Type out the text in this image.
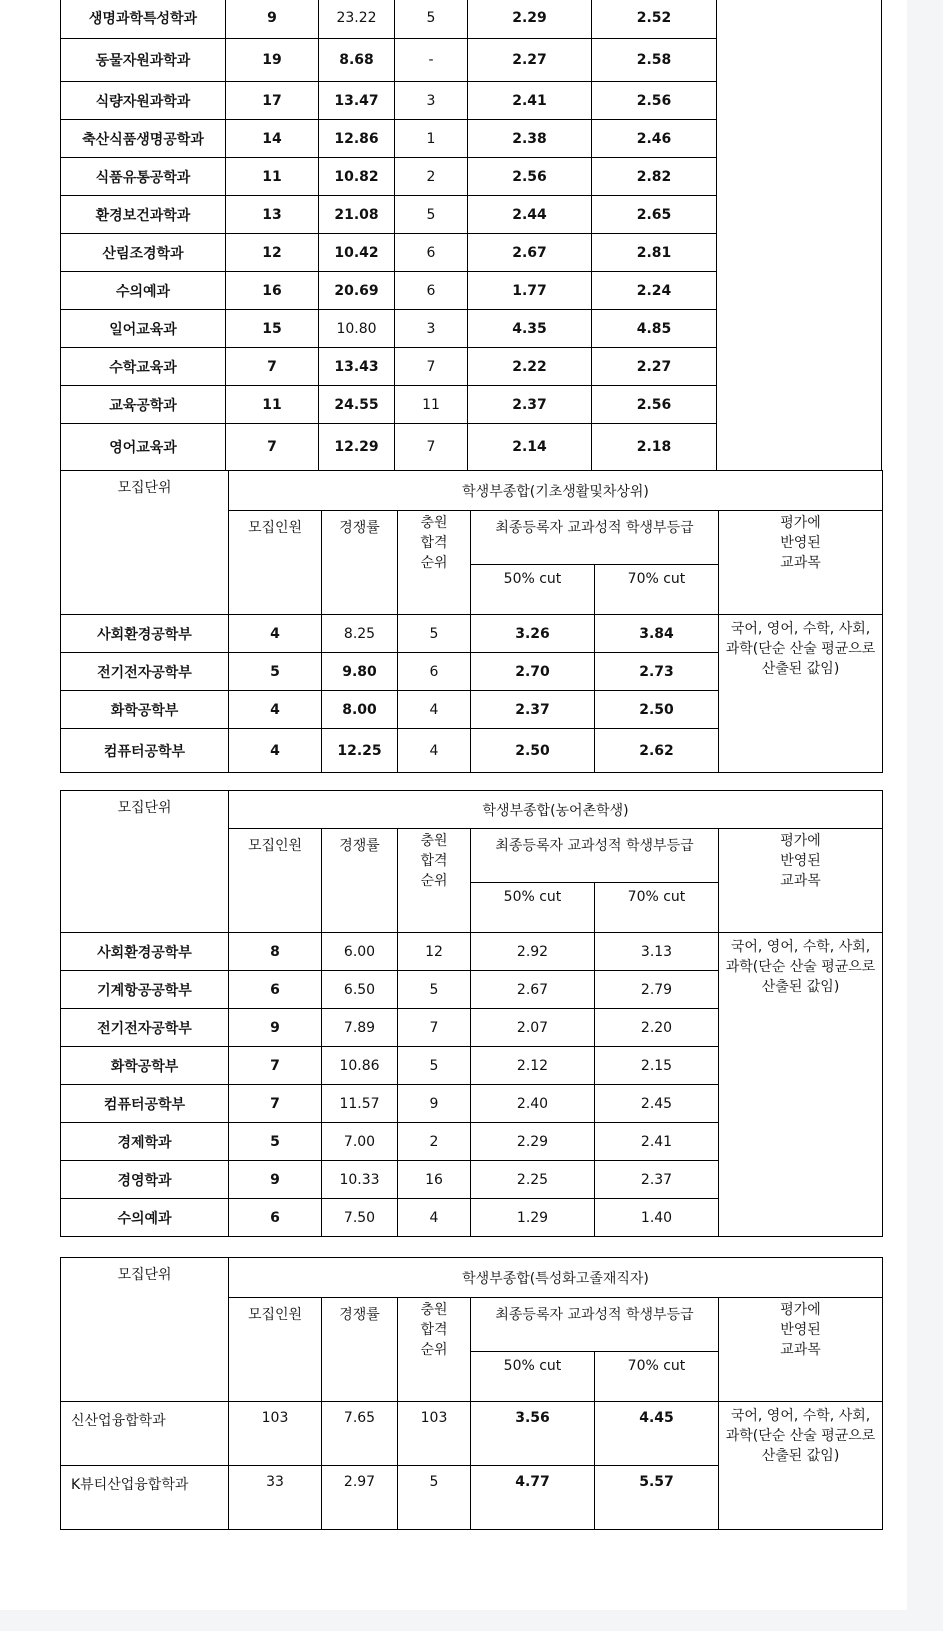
생명과학특성학과	9	23.22	5	2.29	2.52
동물자원과학과	19	8.68	-	2.27	2.58
식량자원과학과	17	13.47	3	2.41	2.56
축산식품생명공학과	14	12.86	1	2.38	2.46
식품유통공학과	11	10.82	2	2.56	2.82
환경보건과학과	13	21.08	5	2.44	2.65
산림조경학과	12	10.42	6	2.67	2.81
수의예과	16	20.69	6	1.77	2.24
일어교육과	15	10.80	3	4.35	4.85
수학교육과	7	13.43	7	2.22	2.27
교육공학과	11	24.55	11	2.37	2.56
영어교육과	7	12.29	7	2.14	2.18
모집단위	학생부종합(기초생활및차상위)					
	모집인원	경쟁률	충원
합격
순위	최종등록자 교과성적 학생부등급		평가에
반영된
교과목
				50% cut	70% cut	
사회환경공학부	4	8.25	5	3.26	3.84	국어, 영어, 수학, 사회, 과학(단순 산술 평균으로 산출된 값임)
전기전자공학부	5	9.80	6	2.70	2.73	
화학공학부	4	8.00	4	2.37	2.50	
컴퓨터공학부	4	12.25	4	2.50	2.62	
모집단위	학생부종합(농어촌학생)					
	모집인원	경쟁률	충원
합격
순위	최종등록자 교과성적 학생부등급		평가에
반영된
교과목
				50% cut	70% cut	
사회환경공학부	8	6.00	12	2.92	3.13	국어, 영어, 수학, 사회, 과학(단순 산술 평균으로 산출된 값임)
기계항공공학부	6	6.50	5	2.67	2.79	
전기전자공학부	9	7.89	7	2.07	2.20	
화학공학부	7	10.86	5	2.12	2.15	
컴퓨터공학부	7	11.57	9	2.40	2.45	
경제학과	5	7.00	2	2.29	2.41	
경영학과	9	10.33	16	2.25	2.37	
수의예과	6	7.50	4	1.29	1.40	
모집단위	학생부종합(특성화고졸재직자)					
	모집인원	경쟁률	충원
합격
순위	최종등록자 교과성적 학생부등급		평가에
반영된
교과목
				50% cut	70% cut	
신산업융합학과	103	7.65	103	3.56	4.45	국어, 영어, 수학, 사회, 과학(단순 산술 평균으로 산출된 값임)
K뷰티산업융합학과	33	2.97	5	4.77	5.57	
